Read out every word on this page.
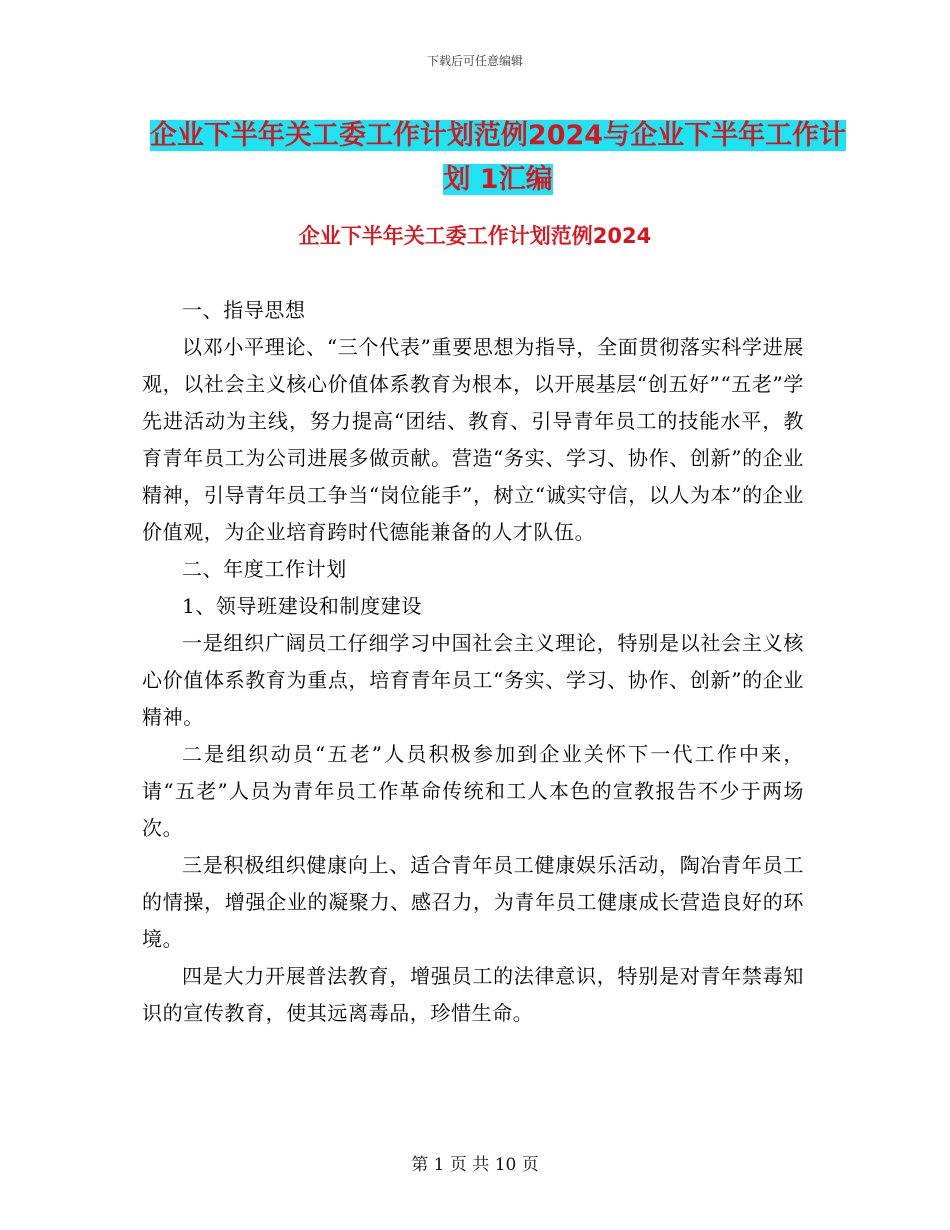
下载后可任意编辑
企业下半年关工委工作计划范例2024与企业下半年工作计划 1汇编
企业下半年关工委工作计划范例2024

一、指导思想

以邓小平理论、“三个代表”重要思想为指导，全面贯彻落实科学进展观，以社会主义核心价值体系教育为根本，以开展基层“创五好”“五老”学先进活动为主线，努力提高“团结、教育、引导青年员工的技能水平，教育青年员工为公司进展多做贡献。营造“务实、学习、协作、创新”的企业精神，引导青年员工争当“岗位能手”，树立“诚实守信，以人为本”的企业价值观，为企业培育跨时代德能兼备的人才队伍。

二、年度工作计划

1、领导班建设和制度建设

一是组织广阔员工仔细学习中国社会主义理论，特别是以社会主义核心价值体系教育为重点，培育青年员工“务实、学习、协作、创新”的企业精神。

二是组织动员“五老”人员积极参加到企业关怀下一代工作中来，请“五老”人员为青年员工作革命传统和工人本色的宣教报告不少于两场次。

三是积极组织健康向上、适合青年员工健康娱乐活动，陶冶青年员工的情操，增强企业的凝聚力、感召力，为青年员工健康成长营造良好的环境。

四是大力开展普法教育，增强员工的法律意识，特别是对青年禁毒知识的宣传教育，使其远离毒品，珍惜生命。

第 1 页 共 10 页
